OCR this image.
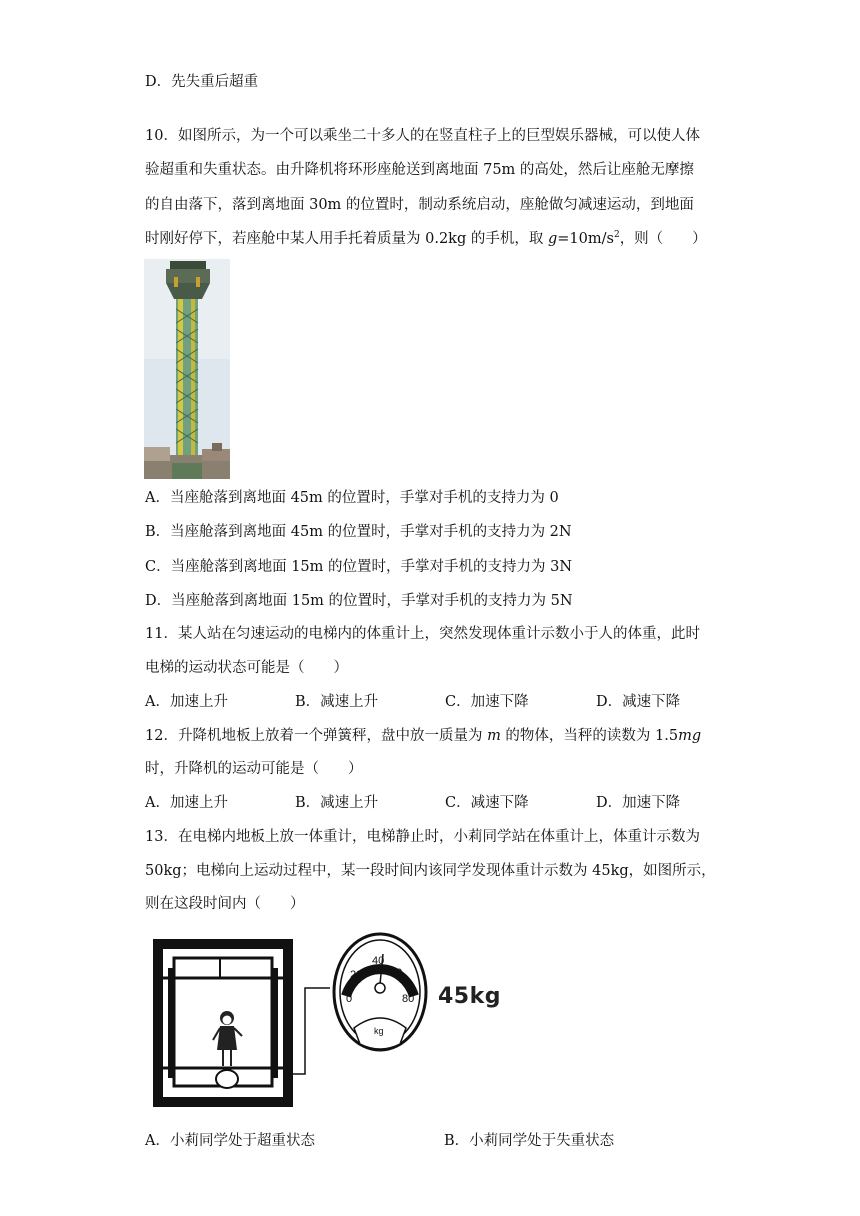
D．先失重后超重
10．如图所示，为一个可以乘坐二十多人的在竖直柱子上的巨型娱乐器械，可以使人体
验超重和失重状态。由升降机将环形座舱送到离地面 75m 的高处，然后让座舱无摩擦
的自由落下，落到离地面 30m 的位置时，制动系统启动，座舱做匀减速运动，到地面
时刚好停下，若座舱中某人用手托着质量为 0.2kg 的手机，取 $g=10m/s^2$，则（　　）
A．当座舱落到离地面 45m 的位置时，手掌对手机的支持力为 0
B．当座舱落到离地面 45m 的位置时，手掌对手机的支持力为 2N
C．当座舱落到离地面 15m 的位置时，手掌对手机的支持力为 3N
D．当座舱落到离地面 15m 的位置时，手掌对手机的支持力为 5N
11．某人站在匀速运动的电梯内的体重计上，突然发现体重计示数小于人的体重，此时
电梯的运动状态可能是（　　）
A．加速上升	B．减速上升	C．加速下降	D．减速下降
12．升降机地板上放着一个弹簧秤，盘中放一质量为 m 的物体，当秤的读数为 1.5mg
时，升降机的运动可能是（　　）
A．加速上升	B．减速上升	C．减速下降	D．加速下降
13．在电梯内地板上放一体重计，电梯静止时，小莉同学站在体重计上，体重计示数为
50kg；电梯向上运动过程中，某一段时间内该同学发现体重计示数为 45kg，如图所示，
则在这段时间内（　　）
0
20
40
60
80
kg
45kg
A．小莉同学处于超重状态	B．小莉同学处于失重状态
